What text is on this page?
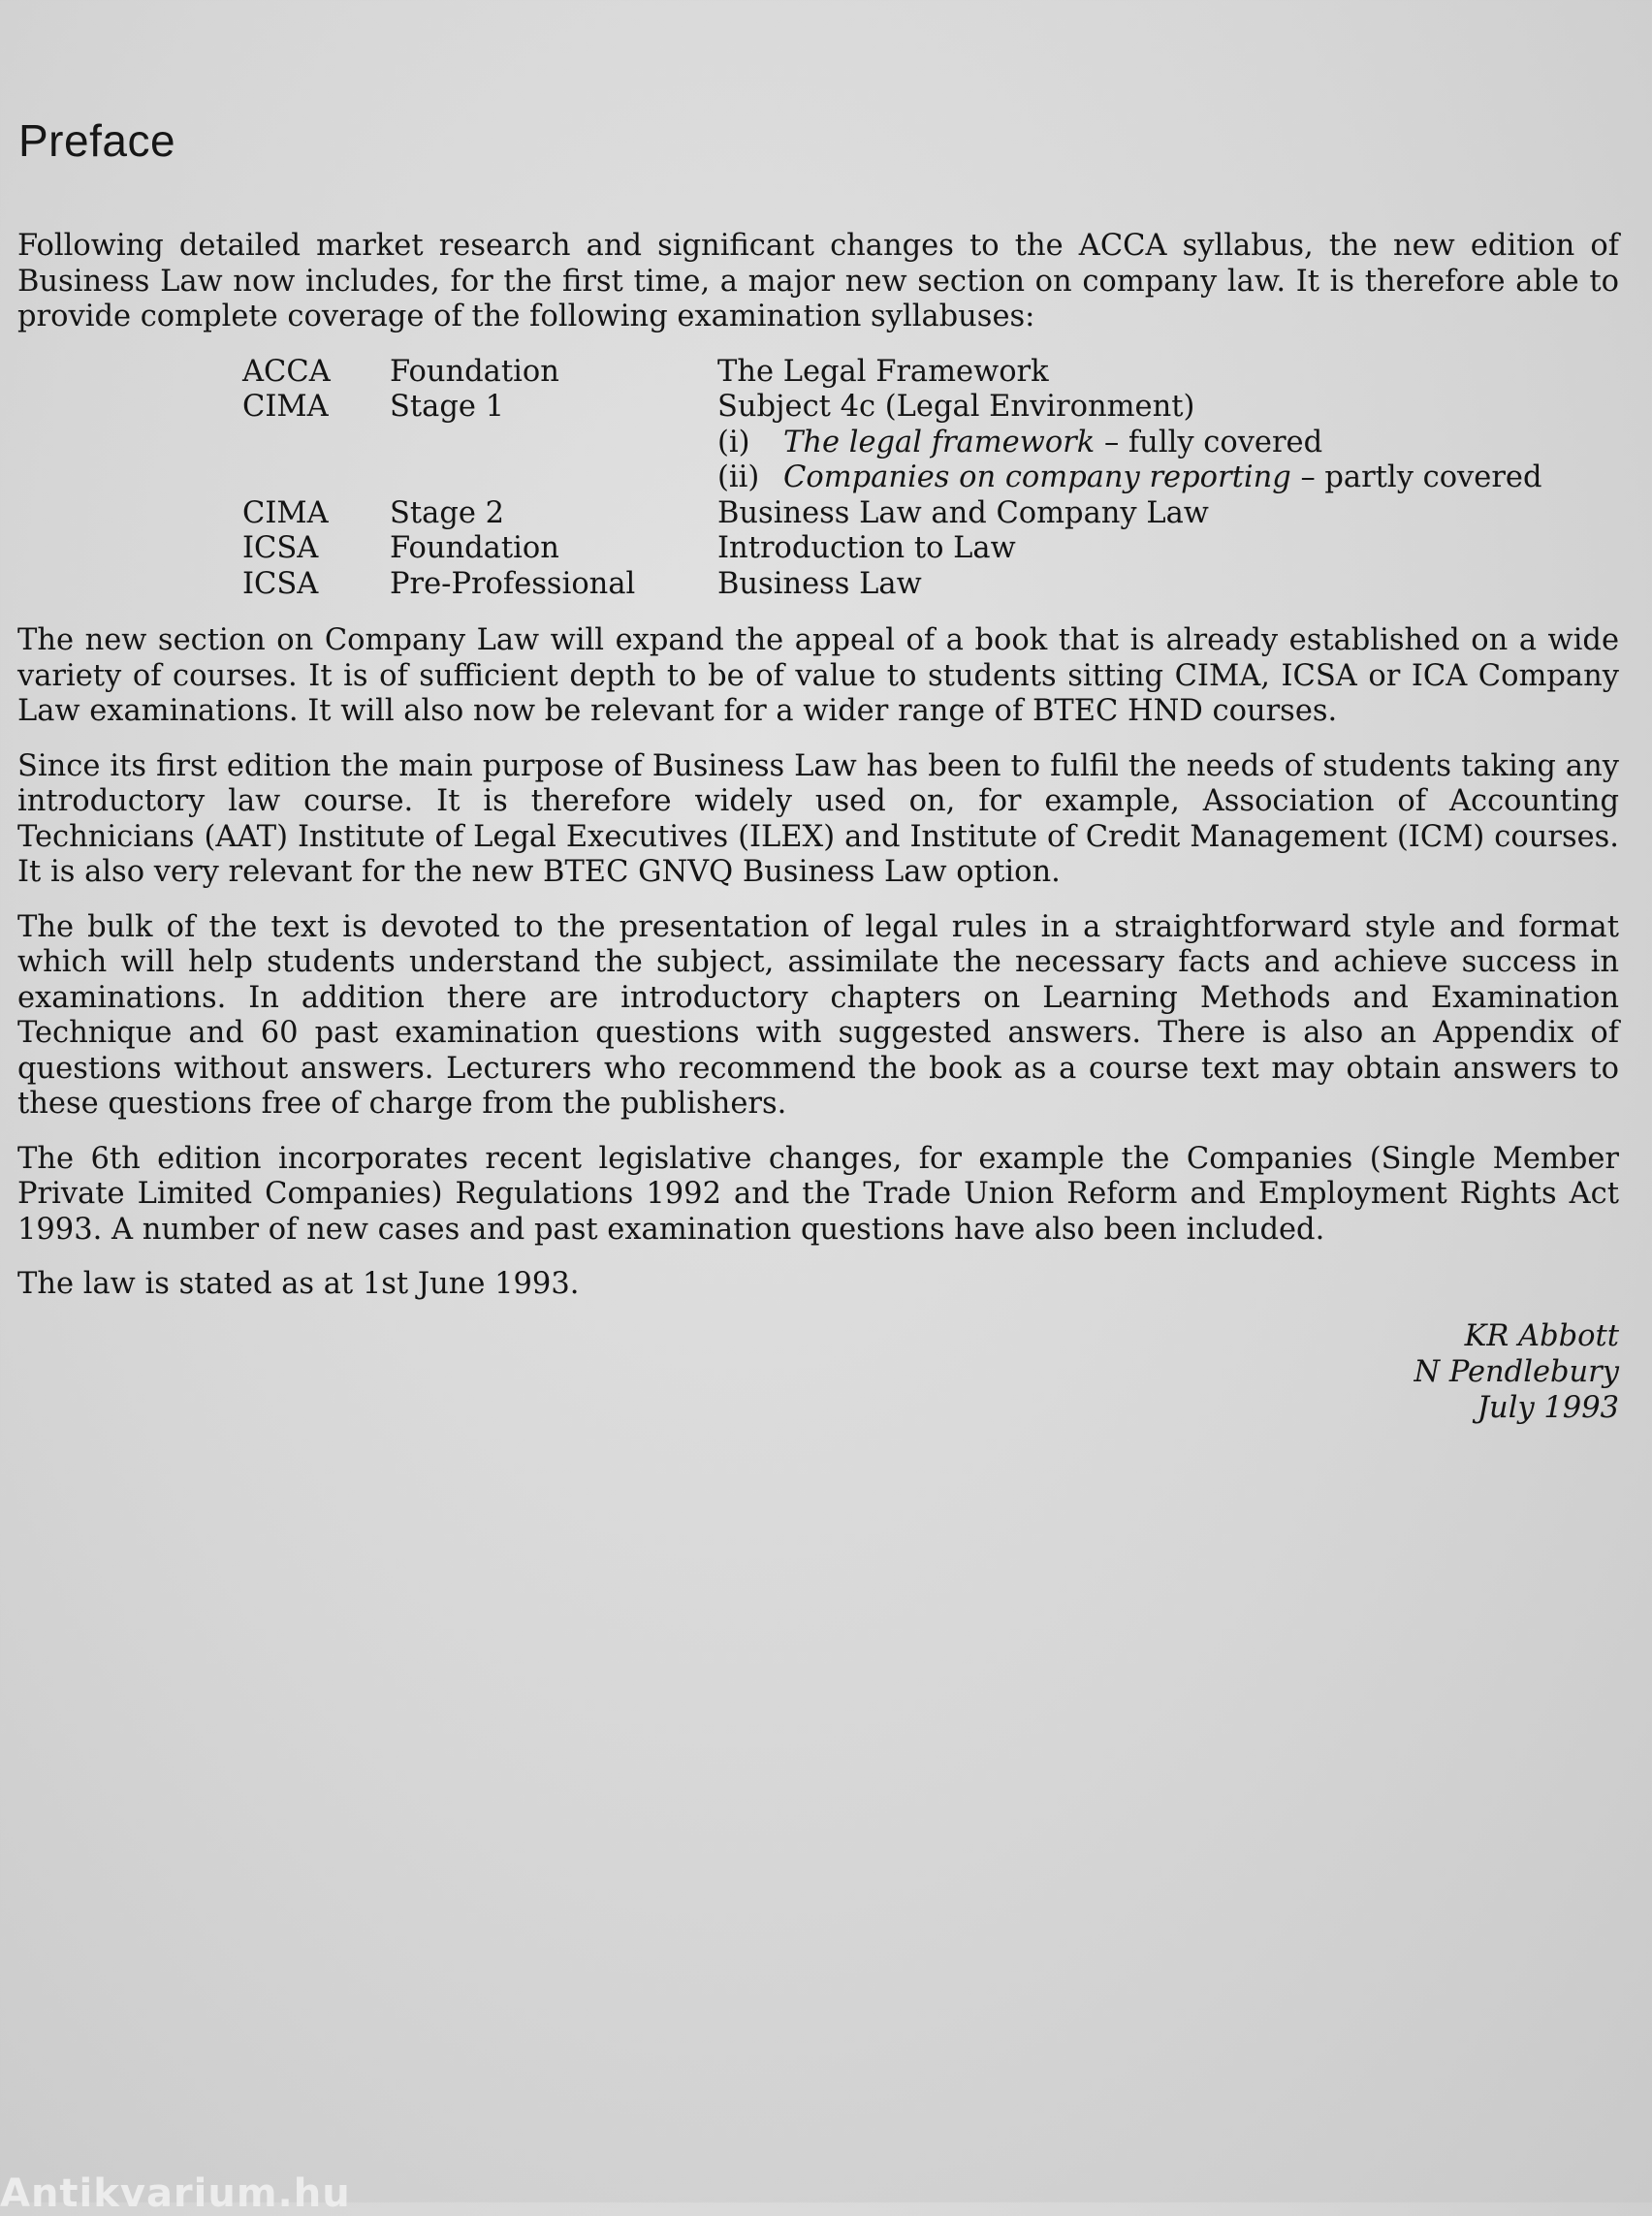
Preface

Following detailed market research and significant changes to the ACCA syllabus, the new edition of Business Law now includes, for the first time, a major new section on company law. It is therefore able to provide complete coverage of the following examination syllabuses:

ACCA	Foundation	The Legal Framework
CIMA	Stage 1	Subject 4c (Legal Environment)
		(i) The legal framework – fully covered
		(ii) Companies on company reporting – partly covered
CIMA	Stage 2	Business Law and Company Law
ICSA	Foundation	Introduction to Law
ICSA	Pre-Professional	Business Law

The new section on Company Law will expand the appeal of a book that is already established on a wide variety of courses. It is of sufficient depth to be of value to students sitting CIMA, ICSA or ICA Company Law examinations. It will also now be relevant for a wider range of BTEC HND courses.

Since its first edition the main purpose of Business Law has been to fulfil the needs of students taking any introductory law course. It is therefore widely used on, for example, Association of Accounting Technicians (AAT) Institute of Legal Executives (ILEX) and Institute of Credit Management (ICM) courses. It is also very relevant for the new BTEC GNVQ Business Law option.

The bulk of the text is devoted to the presentation of legal rules in a straightforward style and format which will help students understand the subject, assimilate the necessary facts and achieve success in examinations. In addition there are introductory chapters on Learning Methods and Examination Technique and 60 past examination questions with suggested answers. There is also an Appendix of questions without answers. Lecturers who recommend the book as a course text may obtain answers to these questions free of charge from the publishers.

The 6th edition incorporates recent legislative changes, for example the Companies (Single Member Private Limited Companies) Regulations 1992 and the Trade Union Reform and Employment Rights Act 1993. A number of new cases and past examination questions have also been included.

The law is stated as at 1st June 1993.

KR Abbott
N Pendlebury
July 1993
Antikvarium.hu
